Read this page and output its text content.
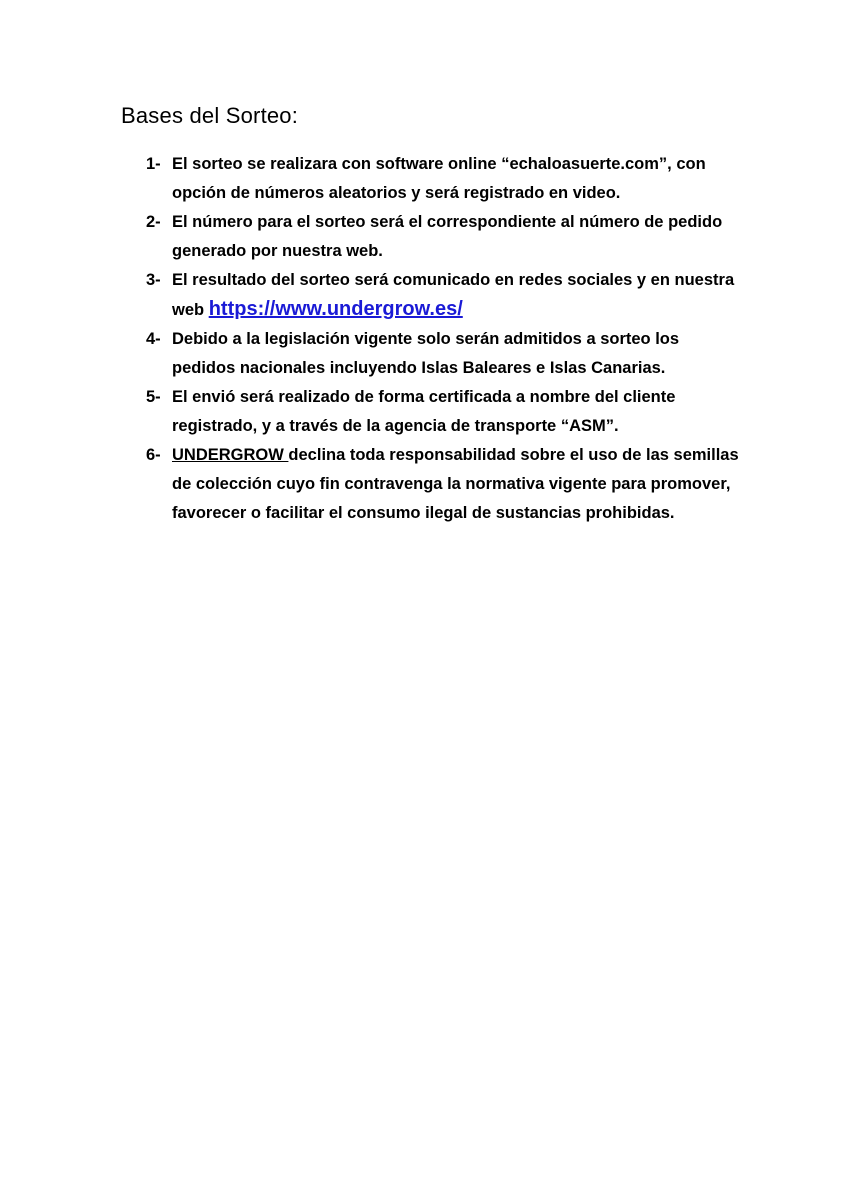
Bases del Sorteo:
1- El sorteo se realizara con software online “echaloasuerte.com”, con opción de números aleatorios y será registrado en video.
2- El número para el sorteo será el correspondiente al número de pedido generado por nuestra web.
3- El resultado del sorteo será comunicado en redes sociales y en nuestra web https://www.undergrow.es/
4- Debido a la legislación vigente solo serán admitidos a sorteo los pedidos nacionales incluyendo Islas Baleares e Islas Canarias.
5- El envió será realizado de forma certificada a nombre del cliente registrado, y a través de la agencia de transporte “ASM”.
6- UNDERGROW declina toda responsabilidad sobre el uso de las semillas de colección cuyo fin contravenga la normativa vigente para promover, favorecer o facilitar el consumo ilegal de sustancias prohibidas.
